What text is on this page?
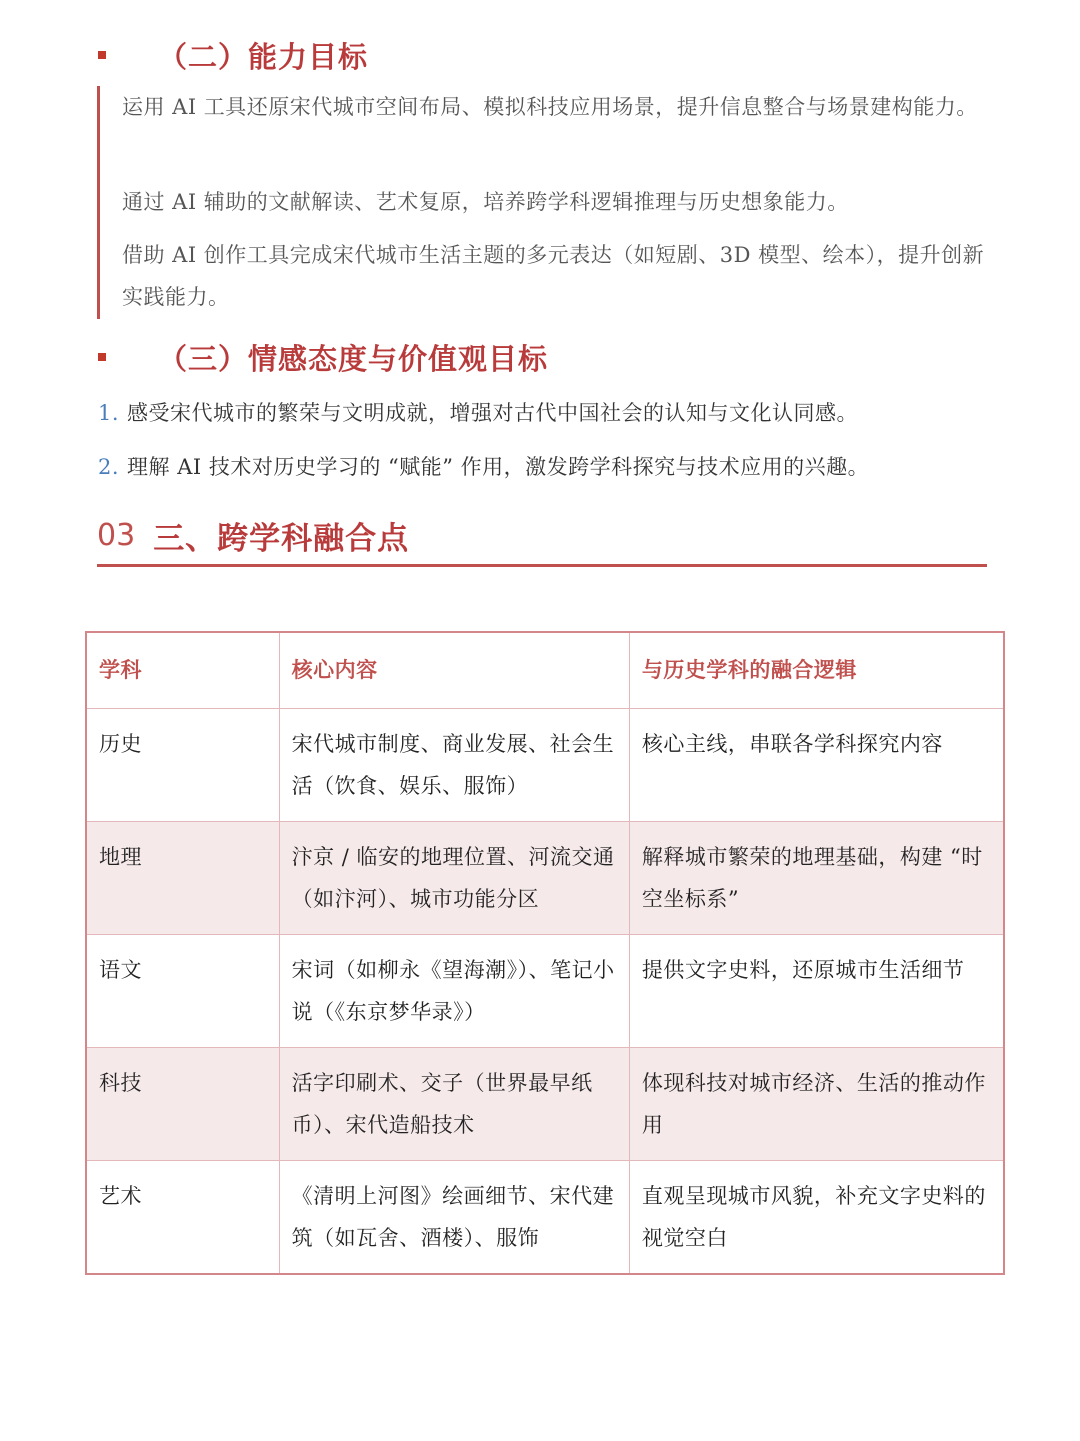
（二）能力目标
运用 AI 工具还原宋代城市空间布局、模拟科技应用场景，提升信息整合与场景建构能力。
通过 AI 辅助的文献解读、艺术复原，培养跨学科逻辑推理与历史想象能力。
借助 AI 创作工具完成宋代城市生活主题的多元表达（如短剧、3D 模型、绘本），提升创新实践能力。
（三）情感态度与价值观目标
1. 感受宋代城市的繁荣与文明成就，增强对古代中国社会的认知与文化认同感。
2. 理解 AI 技术对历史学习的 “赋能” 作用，激发跨学科探究与技术应用的兴趣。
03 三、跨学科融合点
学科	核心内容	与历史学科的融合逻辑
历史	宋代城市制度、商业发展、社会生活（饮食、娱乐、服饰）	核心主线，串联各学科探究内容
地理	汴京 / 临安的地理位置、河流交通（如汴河）、城市功能分区	解释城市繁荣的地理基础，构建 “时空坐标系”
语文	宋词（如柳永《望海潮》）、笔记小说（《东京梦华录》）	提供文字史料，还原城市生活细节
科技	活字印刷术、交子（世界最早纸币）、宋代造船技术	体现科技对城市经济、生活的推动作用
艺术	《清明上河图》绘画细节、宋代建筑（如瓦舍、酒楼）、服饰	直观呈现城市风貌，补充文字史料的视觉空白
